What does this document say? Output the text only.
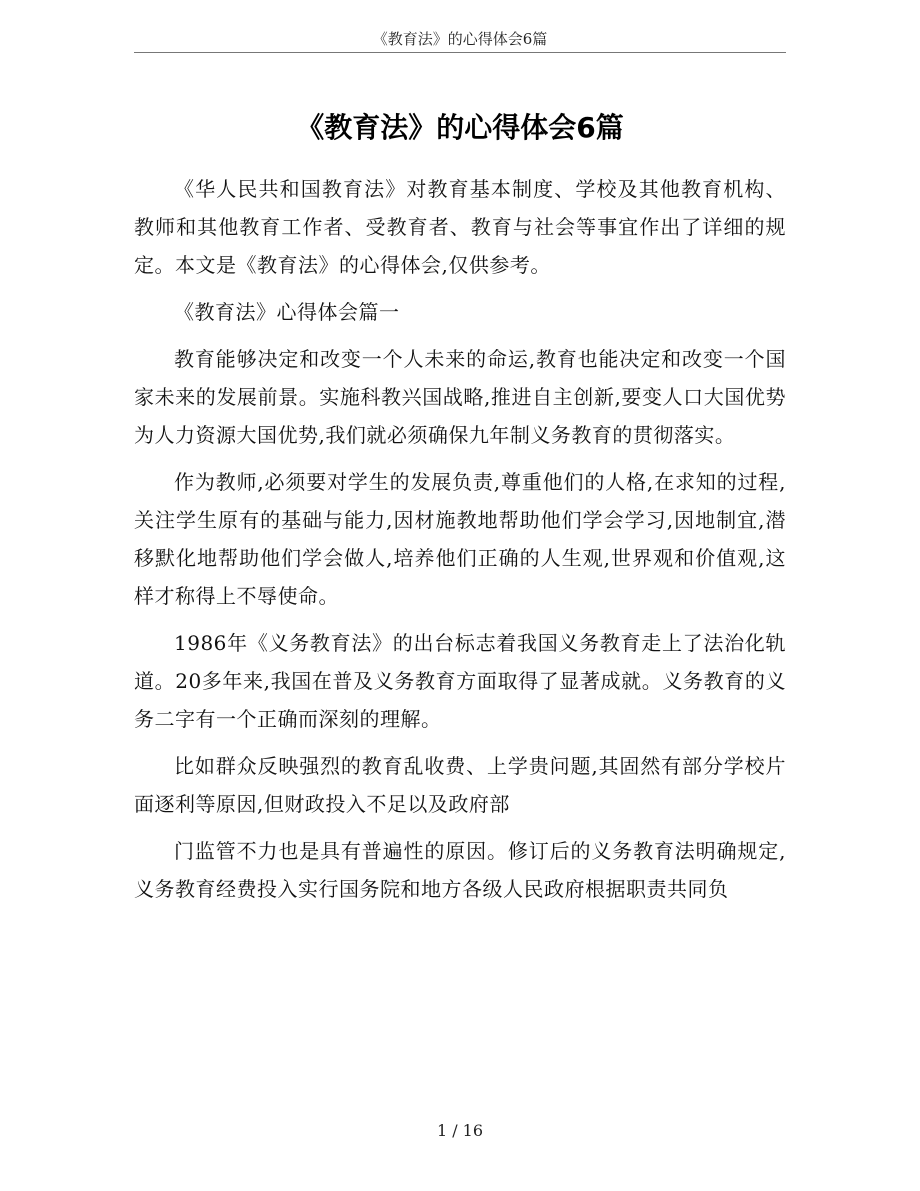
《教育法》的心得体会6篇
《教育法》的心得体会6篇

《华人民共和国教育法》对教育基本制度、学校及其他教育机构、教师和其他教育工作者、受教育者、教育与社会等事宜作出了详细的规定。本文是《教育法》的心得体会,仅供参考。

《教育法》心得体会篇一

教育能够决定和改变一个人未来的命运,教育也能决定和改变一个国家未来的发展前景。实施科教兴国战略,推进自主创新,要变人口大国优势为人力资源大国优势,我们就必须确保九年制义务教育的贯彻落实。

作为教师,必须要对学生的发展负责,尊重他们的人格,在求知的过程,关注学生原有的基础与能力,因材施教地帮助他们学会学习,因地制宜,潜移默化地帮助他们学会做人,培养他们正确的人生观,世界观和价值观,这样才称得上不辱使命。

1986年《义务教育法》的出台标志着我国义务教育走上了法治化轨道。20多年来,我国在普及义务教育方面取得了显著成就。义务教育的义务二字有一个正确而深刻的理解。

比如群众反映强烈的教育乱收费、上学贵问题,其固然有部分学校片面逐利等原因,但财政投入不足以及政府部

门监管不力也是具有普遍性的原因。修订后的义务教育法明确规定,义务教育经费投入实行国务院和地方各级人民政府根据职责共同负

1 / 16
